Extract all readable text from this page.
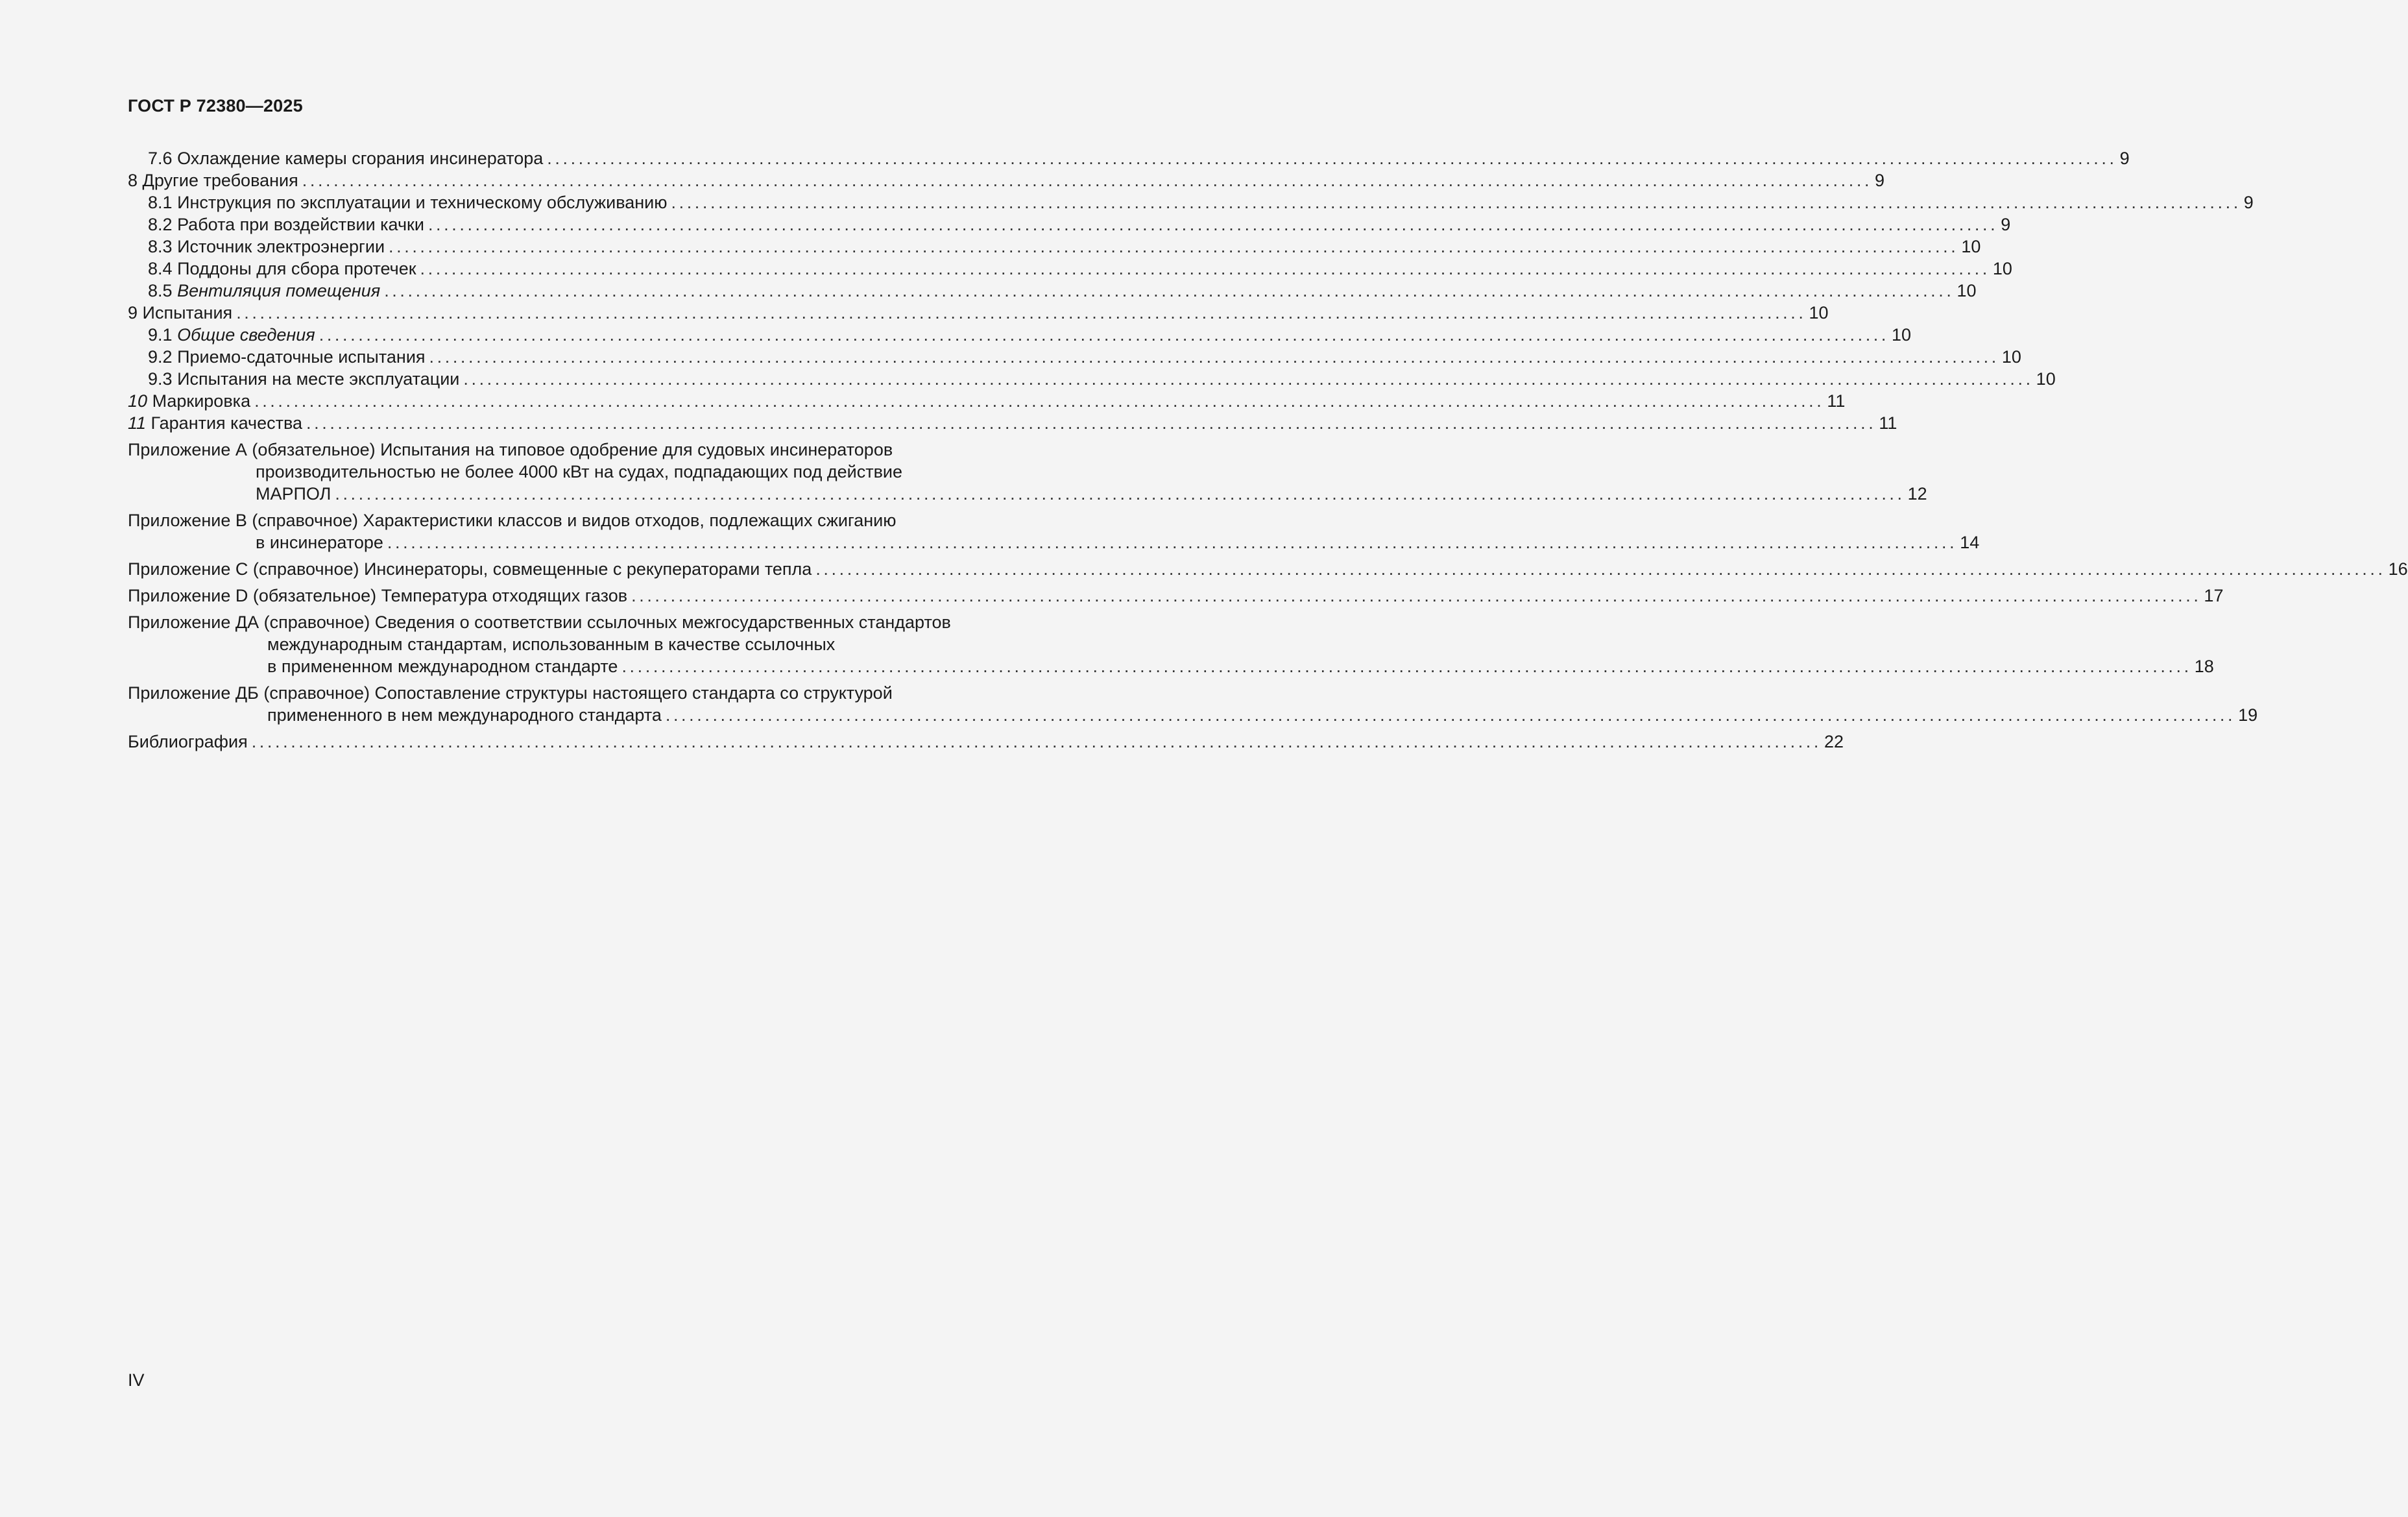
ГОСТ Р 72380—2025
7.6
Охлаждение камеры сгорания инсинератора ........................................................................................................................................................................................................ 9
8
Другие требования ........................................................................................................................................................................................................ 9
8.1
Инструкция по эксплуатации и техническому обслуживанию ........................................................................................................................................................................................................ 9
8.2
Работа при воздействии качки ........................................................................................................................................................................................................ 9
8.3
Источник электроэнергии ........................................................................................................................................................................................................ 10
8.4
Поддоны для сбора протечек ........................................................................................................................................................................................................ 10
8.5
Вентиляция помещения ........................................................................................................................................................................................................ 10
9
Испытания ........................................................................................................................................................................................................ 10
9.1
Общие сведения ........................................................................................................................................................................................................ 10
9.2
Приемо-сдаточные испытания ........................................................................................................................................................................................................ 10
9.3
Испытания на месте эксплуатации ........................................................................................................................................................................................................ 10
10
Маркировка ........................................................................................................................................................................................................ 11
11
Гарантия качества ........................................................................................................................................................................................................ 11
Приложение А (обязательное) Испытания на типовое одобрение для судовых инсинераторов
производительностью не более 4000 кВт на судах, подпадающих под действие
МАРПОЛ ........................................................................................................................................................................................................ 12
Приложение В (справочное) Характеристики классов и видов отходов, подлежащих сжиганию
в инсинераторе ........................................................................................................................................................................................................ 14
Приложение С (справочное) Инсинераторы, совмещенные с рекуператорами тепла ........................................................................................................................................................................................................ 16
Приложение D (обязательное) Температура отходящих газов ........................................................................................................................................................................................................ 17
Приложение ДА (справочное) Сведения о соответствии ссылочных межгосударственных стандартов
международным стандартам, использованным в качестве ссылочных
в примененном международном стандарте ........................................................................................................................................................................................................ 18
Приложение ДБ (справочное) Сопоставление структуры настоящего стандарта со структурой
примененного в нем международного стандарта ........................................................................................................................................................................................................ 19
Библиография ........................................................................................................................................................................................................ 22
IV
